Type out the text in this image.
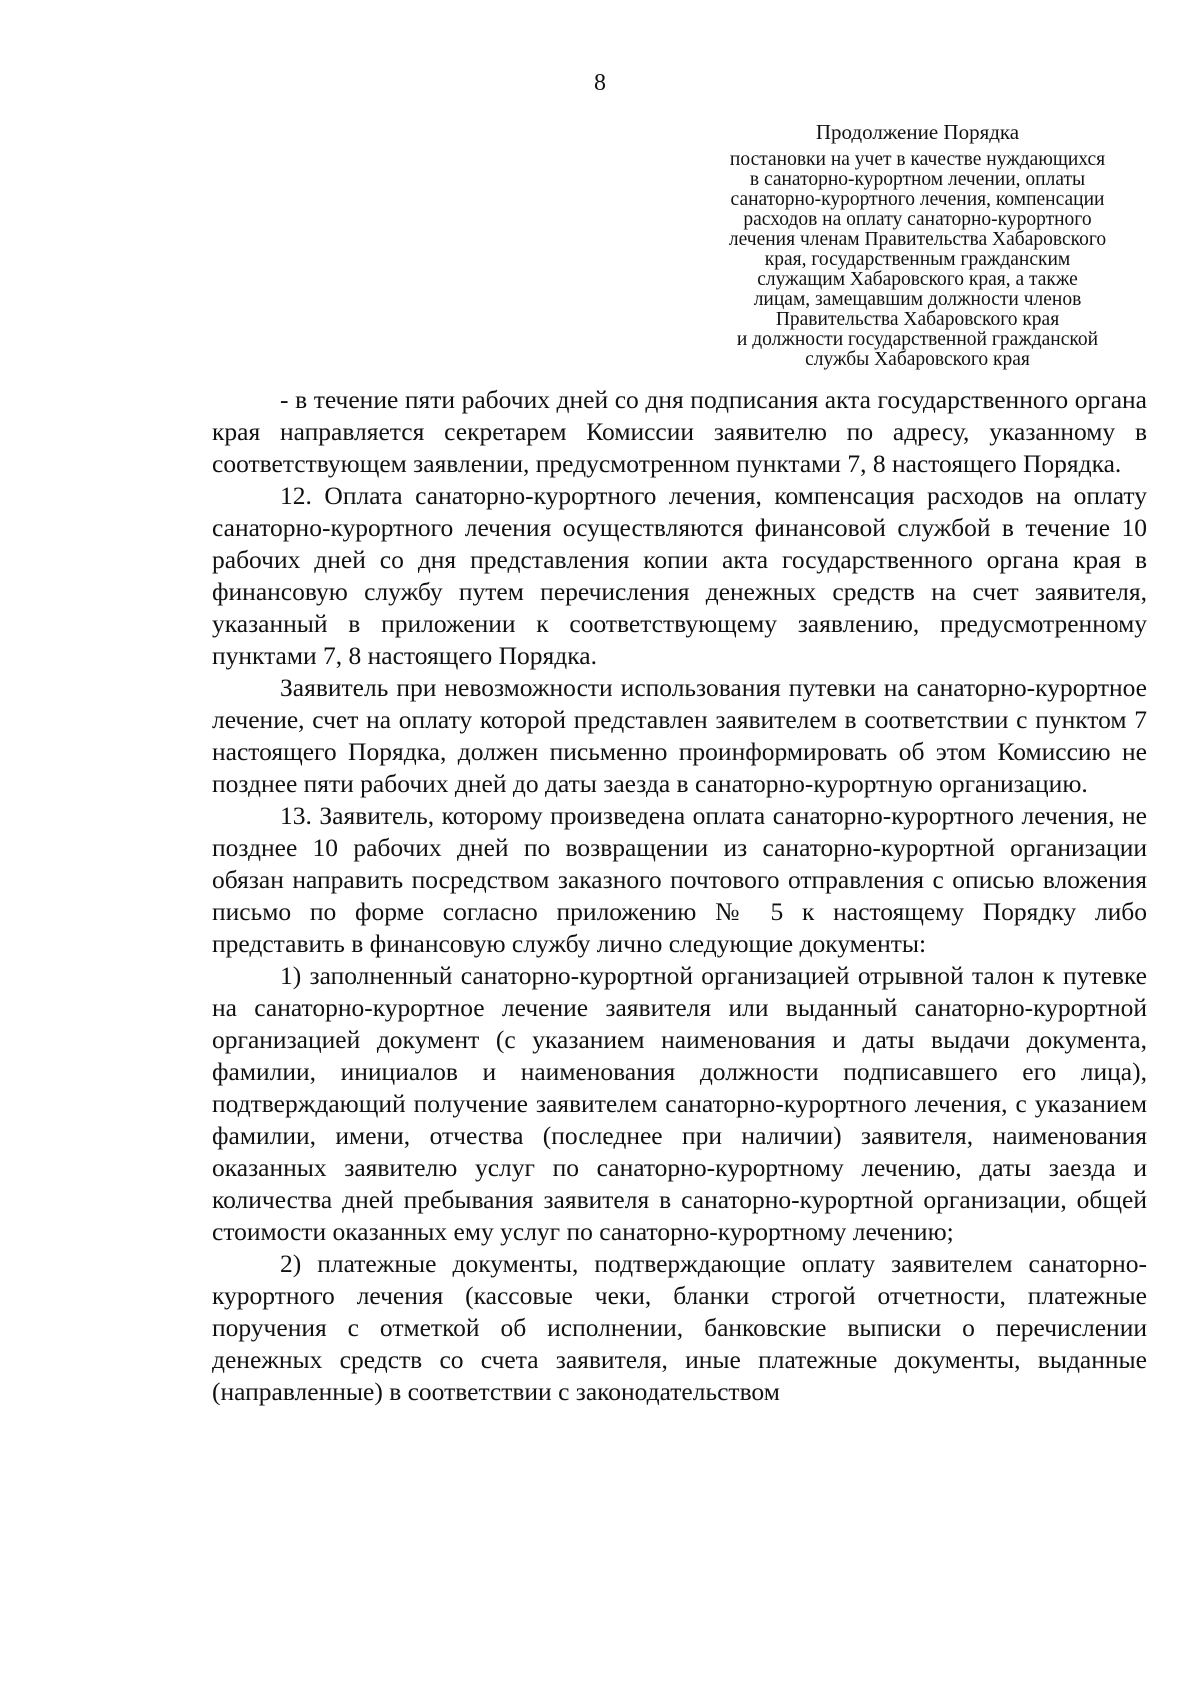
8
Продолжение Порядка
постановки на учет в качестве нуждающихся
в санаторно-курортном лечении, оплаты
санаторно-курортного лечения, компенсации
расходов на оплату санаторно-курортного
лечения членам Правительства Хабаровского
края, государственным гражданским
служащим Хабаровского края, а также
лицам, замещавшим должности членов
Правительства Хабаровского края
и должности государственной гражданской
службы Хабаровского края

- в течение пяти рабочих дней со дня подписания акта государственного органа края направляется секретарем Комиссии заявителю по адресу, указанному в соответствующем заявлении, предусмотренном пунктами 7, 8 настоящего Порядка.

12. Оплата санаторно-курортного лечения, компенсация расходов на оплату санаторно-курортного лечения осуществляются финансовой службой в течение 10 рабочих дней со дня представления копии акта государственного органа края в финансовую службу путем перечисления денежных средств на счет заявителя, указанный в приложении к соответствующему заявлению, предусмотренному пунктами 7, 8 настоящего Порядка.

Заявитель при невозможности использования путевки на санаторно-курортное лечение, счет на оплату которой представлен заявителем в соответствии с пунктом 7 настоящего Порядка, должен письменно проинформировать об этом Комиссию не позднее пяти рабочих дней до даты заезда в санаторно-курортную организацию.

13. Заявитель, которому произведена оплата санаторно-курортного лечения, не позднее 10 рабочих дней по возвращении из санаторно-курортной организации обязан направить посредством заказного почтового отправления с описью вложения письмо по форме согласно приложению № 5 к настоящему Порядку либо представить в финансовую службу лично следующие документы:

1) заполненный санаторно-курортной организацией отрывной талон к путевке на санаторно-курортное лечение заявителя или выданный санаторно-курортной организацией документ (с указанием наименования и даты выдачи документа, фамилии, инициалов и наименования должности подписавшего его лица), подтверждающий получение заявителем санаторно-курортного лечения, с указанием фамилии, имени, отчества (последнее при наличии) заявителя, наименования оказанных заявителю услуг по санаторно-курортному лечению, даты заезда и количества дней пребывания заявителя в санаторно-курортной организации, общей стоимости оказанных ему услуг по санаторно-курортному лечению;

2) платежные документы, подтверждающие оплату заявителем санаторно-курортного лечения (кассовые чеки, бланки строгой отчетности, платежные поручения с отметкой об исполнении, банковские выписки о перечислении денежных средств со счета заявителя, иные платежные документы, выданные (направленные) в соответствии с законодательством
